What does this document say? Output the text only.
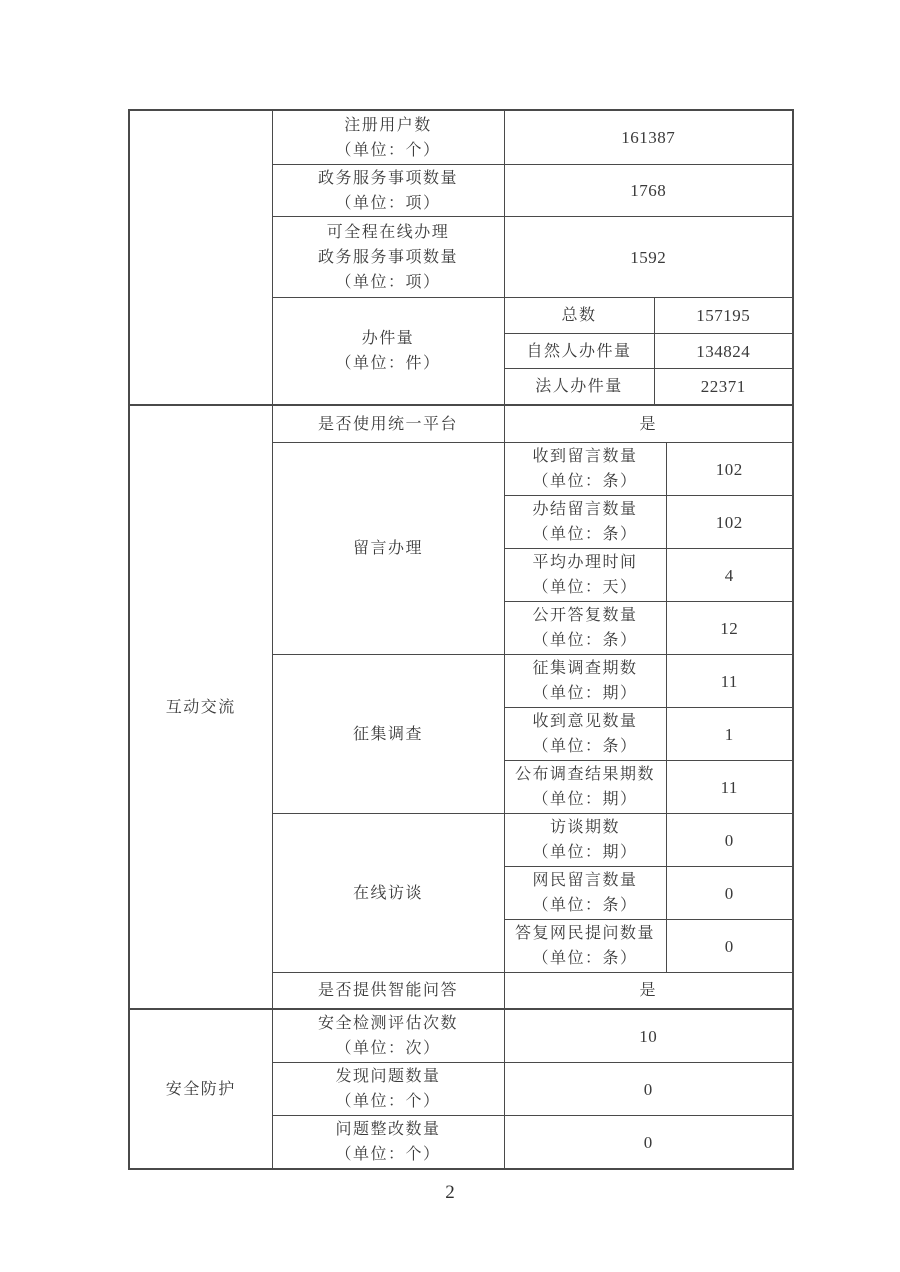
	注册用户数
（单位：个）	161387		

	政务服务事项数量
（单位：项）	1768		

	可全程在线办理
政务服务事项数量
（单位：项）	1592		

	办件量
（单位：件）	总数	157195	
		自然人办件量	134824	
		法人办件量	22371	
互动交流	是否使用统一平台	是		
	留言办理	收到留言数量
（单位：条）		102

		办结留言数量
（单位：条）		102

		平均办理时间
（单位：天）		4

		公开答复数量
（单位：条）		12
	征集调查	征集调查期数
（单位：期）		11

		收到意见数量
（单位：条）		1

		公布调查结果期数
（单位：期）		11
	在线访谈	访谈期数
（单位：期）		0

		网民留言数量
（单位：条）		0

		答复网民提问数量
（单位：条）		0
	是否提供智能问答	是		
安全防护	安全检测评估次数
（单位：次）	10		

	发现问题数量
（单位：个）	0		

	问题整改数量
（单位：个）	0		
2
